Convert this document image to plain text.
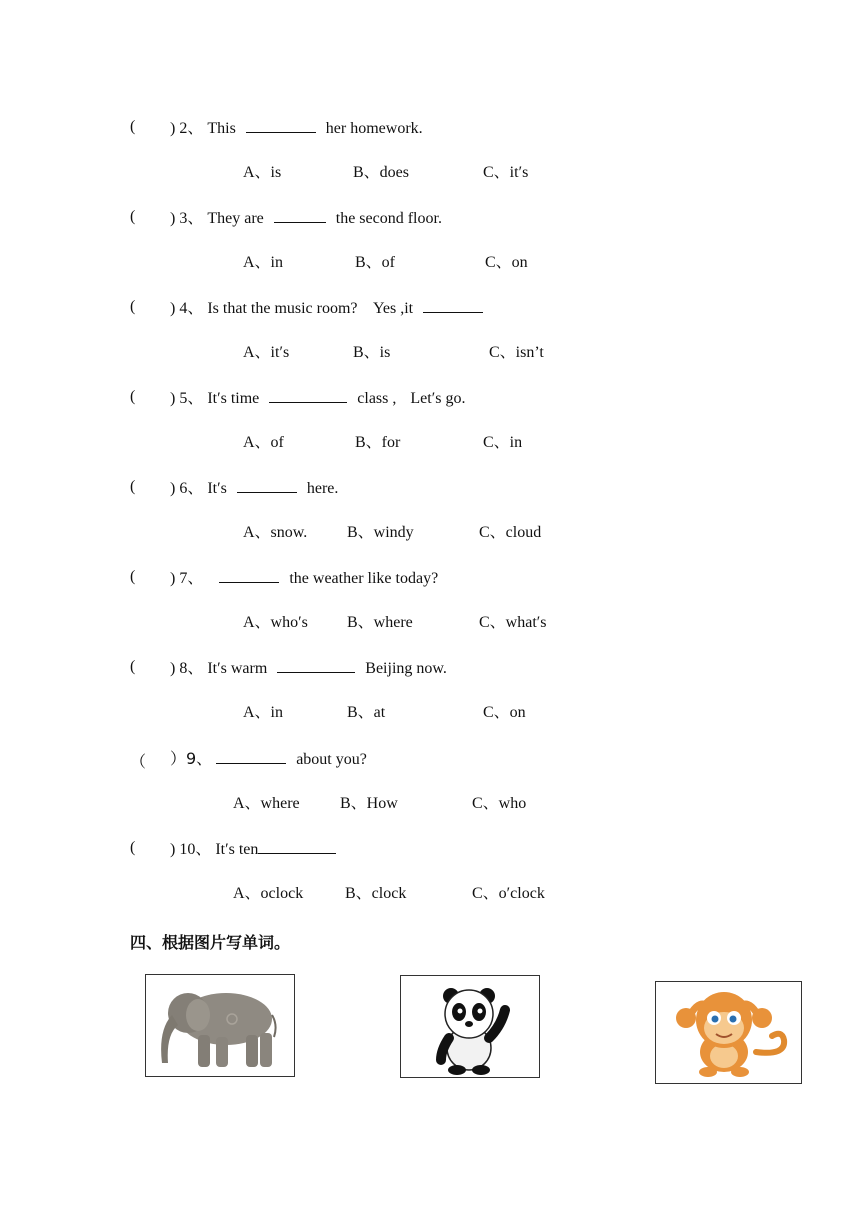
( ) 2、 This	her homework.
A、is	B、does	C、it′s
( ) 3、 They are	the second floor.
A、in	B、of	C、on
( ) 4、 Is that the music room?    Yes ,it
A、it′s	B、is	C、isn’t
( ) 5、 It′s time	class , Let′s go.
A、of	B、for	C、in
( ) 6、 It′s	here.
A、snow. B、windy	C、cloud
( ) 7、	the weather like today?
A、who′s B、where	C、what′s
( ) 8、 It′s warm	Beijing now.
A、in	B、at	C、on
（ ）9、	about you?
A、where	B、How	C、who
( ) 10、 It′s ten
A、oclock	B、clock	C、o′clock
四、根据图片写单词。
